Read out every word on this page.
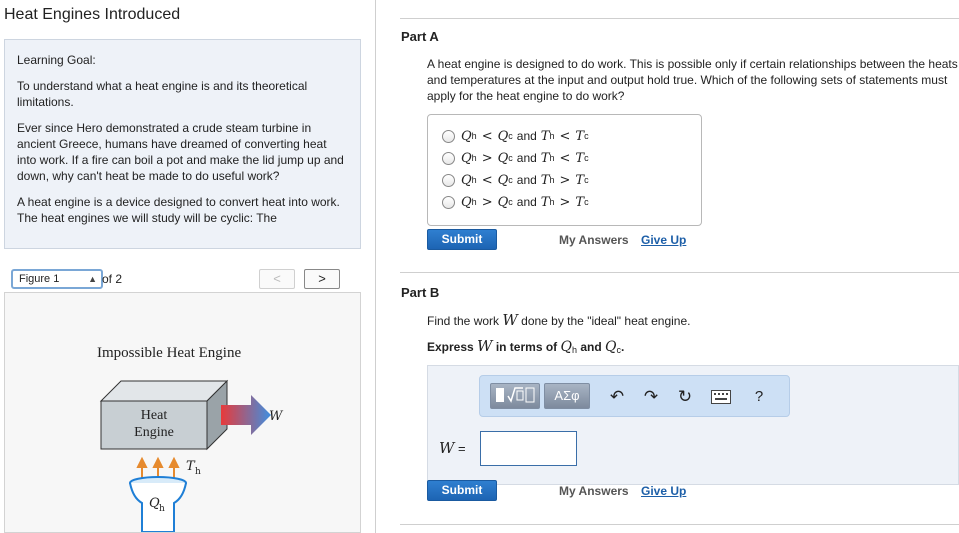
Heat Engines Introduced

Learning Goal:

To understand what a heat engine is and its theoretical limitations.

Ever since Hero demonstrated a crude steam turbine in ancient Greece, humans have dreamed of converting heat into work. If a fire can boil a pot and make the lid jump up and down, why can't heat be made to do useful work?

A heat engine is a device designed to convert heat into work. The heat engines we will study will be cyclic: The

Figure 1	▲ of 2	<	>
Impossible Heat Engine
Heat
Engine
W
T h
Q h
Part A
A heat engine is designed to do work. This is possible only if certain relationships between the heats and temperatures at the input and output hold true. Which of the following sets of statements must apply for the heat engine to do work?
Q h < Q c and T h < T c
Q h > Q c and T h < T c
Q h < Q c and T h > T c
Q h > Q c and T h > T c
Submit	My Answers Give Up
Part B
Find the work W done by the "ideal" heat engine.
Express W in terms of $Q_h$ and $Q_c$.
ΑΣφ	↶ ↷ ↻	?
W =
Submit	My Answers Give Up
